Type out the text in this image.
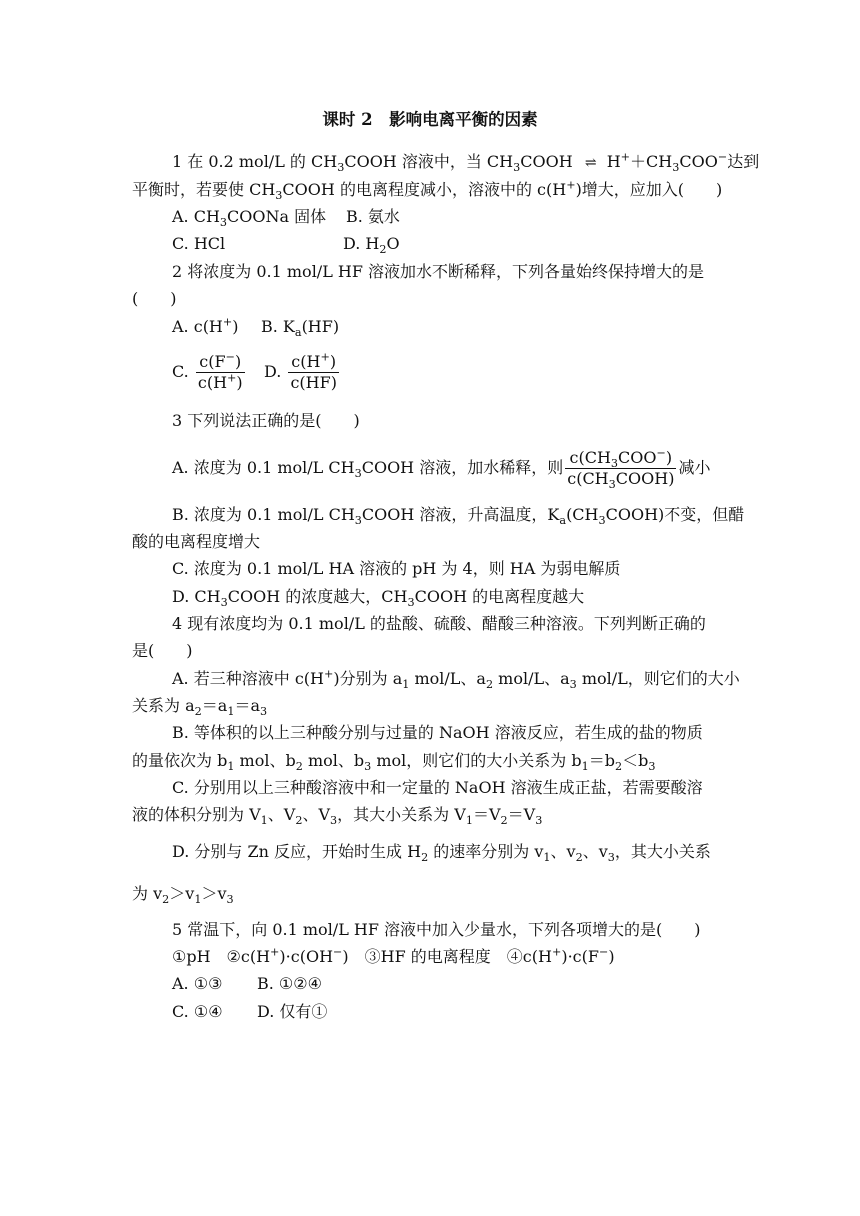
课时 2　影响电离平衡的因素
1 在 0.2 mol/L 的 $CH_3COOH$ 溶液中，当 $CH_3COOH$ ⇌ $H^++CH_3COO^-$达到
平衡时，若要使 $CH_3COOH$ 的电离程度减小，溶液中的 c(H+)增大，应加入(　　)
A. $CH_3COONa$ 固体 B. 氨水
C. HCl	D. $H_2O$
2 将浓度为 0.1 mol/L HF 溶液加水不断稀释，下列各量始终保持增大的是
(　　)
A. c(H+) B. $K_a(HF)$
C. $\frac{c(F^-)}{c(H^+)} D$. $\frac{c(H^+)}{c(HF)}$
3 下列说法正确的是(　　)
A. 浓度为 0.1 mol/L $CH_3COOH$ 溶液，加水稀释，则 $\frac{c(CH_3COO^-)}{c(CH_3COOH)}$ 减小
B. 浓度为 0.1 mol/L $CH_3COOH$ 溶液，升高温度，$K_a(CH_3COOH)$不变，但醋
酸的电离程度增大
C. 浓度为 0.1 mol/L HA 溶液的 pH 为 4，则 HA 为弱电解质
D. $CH_3COOH$ 的浓度越大，$CH_3COOH$ 的电离程度越大
4 现有浓度均为 0.1 mol/L 的盐酸、硫酸、醋酸三种溶液。下列判断正确的
是(　　)
A. 若三种溶液中 c(H+)分别为 $a_1$ mol/L、$a_2$ mol/L、$a_3$ mol/L，则它们的大小
关系为 $a_2=a_1=a_3$
B. 等体积的以上三种酸分别与过量的 NaOH 溶液反应，若生成的盐的物质
的量依次为 $b_1$ mol、$b_2$ mol、$b_3$ mol，则它们的大小关系为 $b_1=b_2<b_3$
C. 分别用以上三种酸溶液中和一定量的 NaOH 溶液生成正盐，若需要酸溶
液的体积分别为 $V_1$、$V_2$、$V_3$，其大小关系为 $V_1=V_2=V_3$
D. 分别与 Zn 反应，开始时生成 $H_2$ 的速率分别为 $v_1$、$v_2$、$v_3$，其大小关系
为 $v_2>v_1>v_3$
5 常温下，向 0.1 mol/L HF 溶液中加入少量水，下列各项增大的是(　　)
①pH　②c(H+)·c(OH−)　③HF 的电离程度　④c(H+)·c(F−)
A. ①③ B. ①②④
C. ①④ D. 仅有①
